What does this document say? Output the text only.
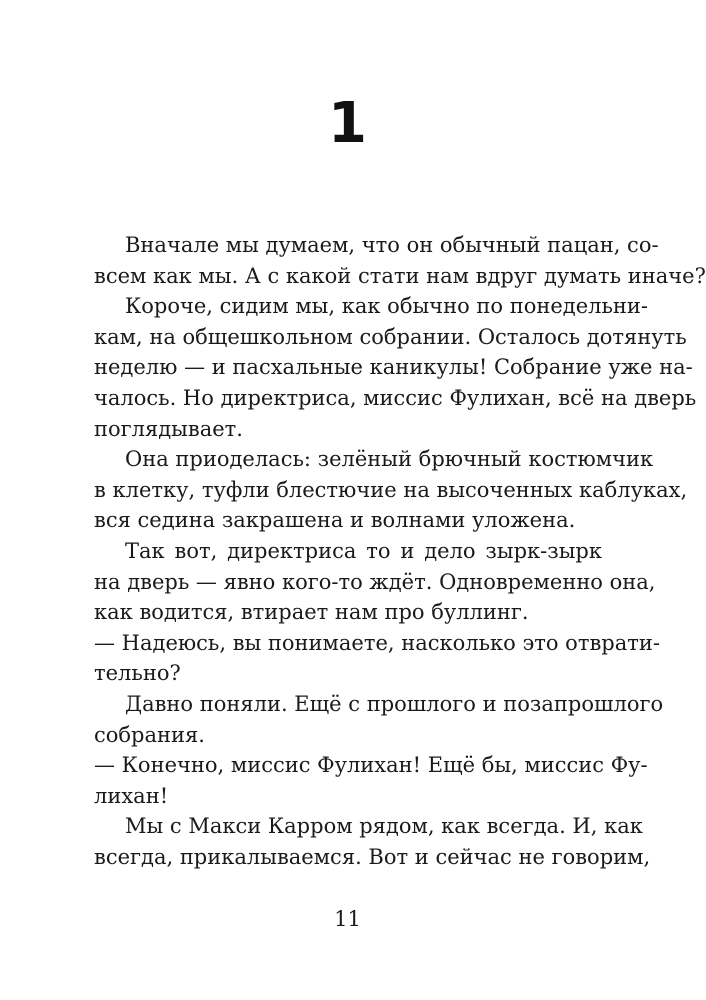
1
Вначале мы думаем, что он обычный пацан, со-
всем как мы. А с какой стати нам вдруг думать иначе?
Короче, сидим мы, как обычно по понедельни-
кам, на общешкольном собрании. Осталось дотянуть
неделю — и пасхальные каникулы! Собрание уже на-
чалось. Но директриса, миссис Фулихан, всё на дверь
поглядывает.
Она приоделась: зелёный брючный костюмчик
в клетку, туфли блестючие на высоченных каблуках,
вся седина закрашена и волнами уложена.
Так вот, директриса то и дело зырк-зырк
на дверь — явно кого-то ждёт. Одновременно она,
как водится, втирает нам про буллинг.
— Надеюсь, вы понимаете, насколько это отврати-
тельно?
Давно поняли. Ещё с прошлого и позапрошлого
собрания.
— Конечно, миссис Фулихан! Ещё бы, миссис Фу-
лихан!
Мы с Макси Карром рядом, как всегда. И, как
всегда, прикалываемся. Вот и сейчас не говорим,
11
